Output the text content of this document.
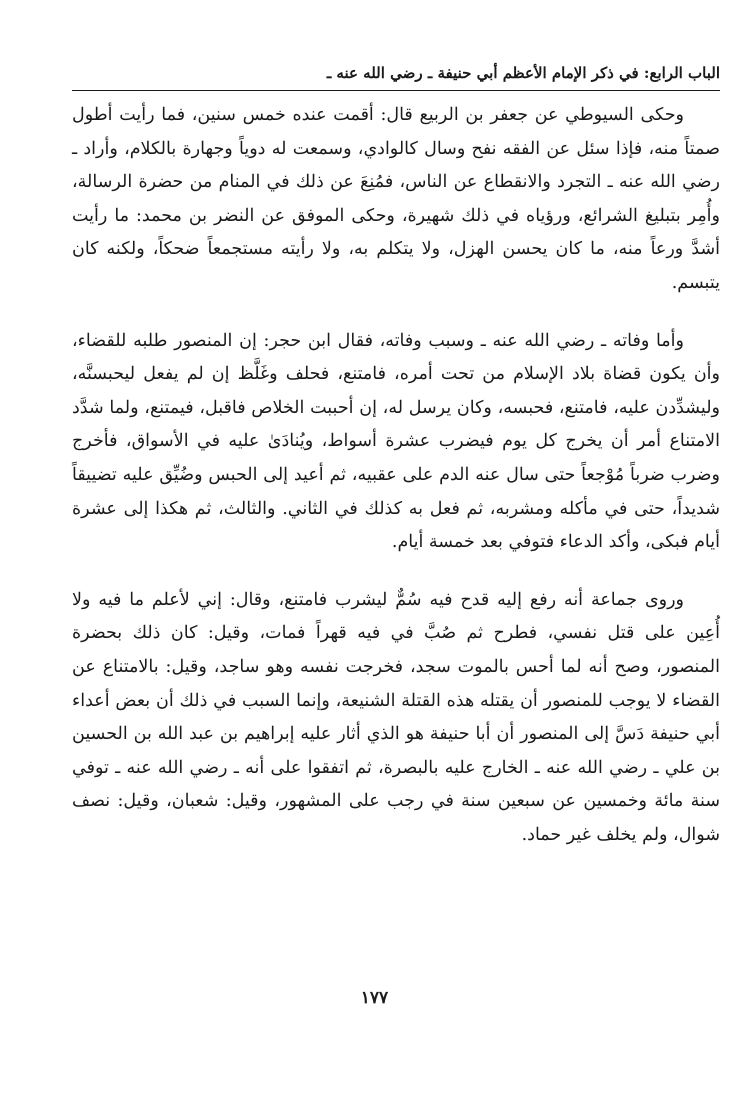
الباب الرابع: في ذكر الإمام الأعظم أبي حنيفة ـ رضي الله عنه ـ

وحكى السيوطي عن جعفر بن الربيع قال: أقمت عنده خمس سنين، فما رأيت أطول صمتاً منه، فإذا سئل عن الفقه نفح وسال كالوادي، وسمعت له دوياً وجهارة بالكلام، وأراد ـ رضي الله عنه ـ التجرد والانقطاع عن الناس، فمُنِعَ عن ذلك في المنام من حضرة الرسالة، وأُمِر بتبليغ الشرائع، ورؤياه في ذلك شهيرة، وحكى الموفق عن النضر بن محمد: ما رأيت أشدَّ ورعاً منه، ما كان يحسن الهزل، ولا يتكلم به، ولا رأيته مستجمعاً ضحكاً، ولكنه كان يتبسم.

وأما وفاته ـ رضي الله عنه ـ وسبب وفاته، فقال ابن حجر: إن المنصور طلبه للقضاء، وأن يكون قضاة بلاد الإسلام من تحت أمره، فامتنع، فحلف وغَلَّظ إن لم يفعل ليحبسنَّه، وليشدِّدن عليه، فامتنع، فحبسه، وكان يرسل له، إن أحببت الخلاص فاقبل، فيمتنع، ولما شدَّد الامتناع أمر أن يخرج كل يوم فيضرب عشرة أسواط، ويُنادَىٰ عليه في الأسواق، فأخرج وضرب ضرباً مُوْجعاً حتى سال عنه الدم على عقبيه، ثم أعيد إلى الحبس وضُيِّق عليه تضييقاً شديداً، حتى في مأكله ومشربه، ثم فعل به كذلك في الثاني. والثالث، ثم هكذا إلى عشرة أيام فبكى، وأكد الدعاء فتوفي بعد خمسة أيام.

وروى جماعة أنه رفع إليه قدح فيه سُمٌّ ليشرب فامتنع، وقال: إني لأعلم ما فيه ولا أُعِين على قتل نفسي، فطرح ثم صُبَّ في فيه قهراً فمات، وقيل: كان ذلك بحضرة المنصور، وصح أنه لما أحس بالموت سجد، فخرجت نفسه وهو ساجد، وقيل: بالامتناع عن القضاء لا يوجب للمنصور أن يقتله هذه القتلة الشنيعة، وإنما السبب في ذلك أن بعض أعداء أبي حنيفة دَسَّ إلى المنصور أن أبا حنيفة هو الذي أثار عليه إبراهيم بن عبد الله بن الحسين بن علي ـ رضي الله عنه ـ الخارج عليه بالبصرة، ثم اتفقوا على أنه ـ رضي الله عنه ـ توفي سنة مائة وخمسين عن سبعين سنة في رجب على المشهور، وقيل: شعبان، وقيل: نصف شوال، ولم يخلف غير حماد.

١٧٧
